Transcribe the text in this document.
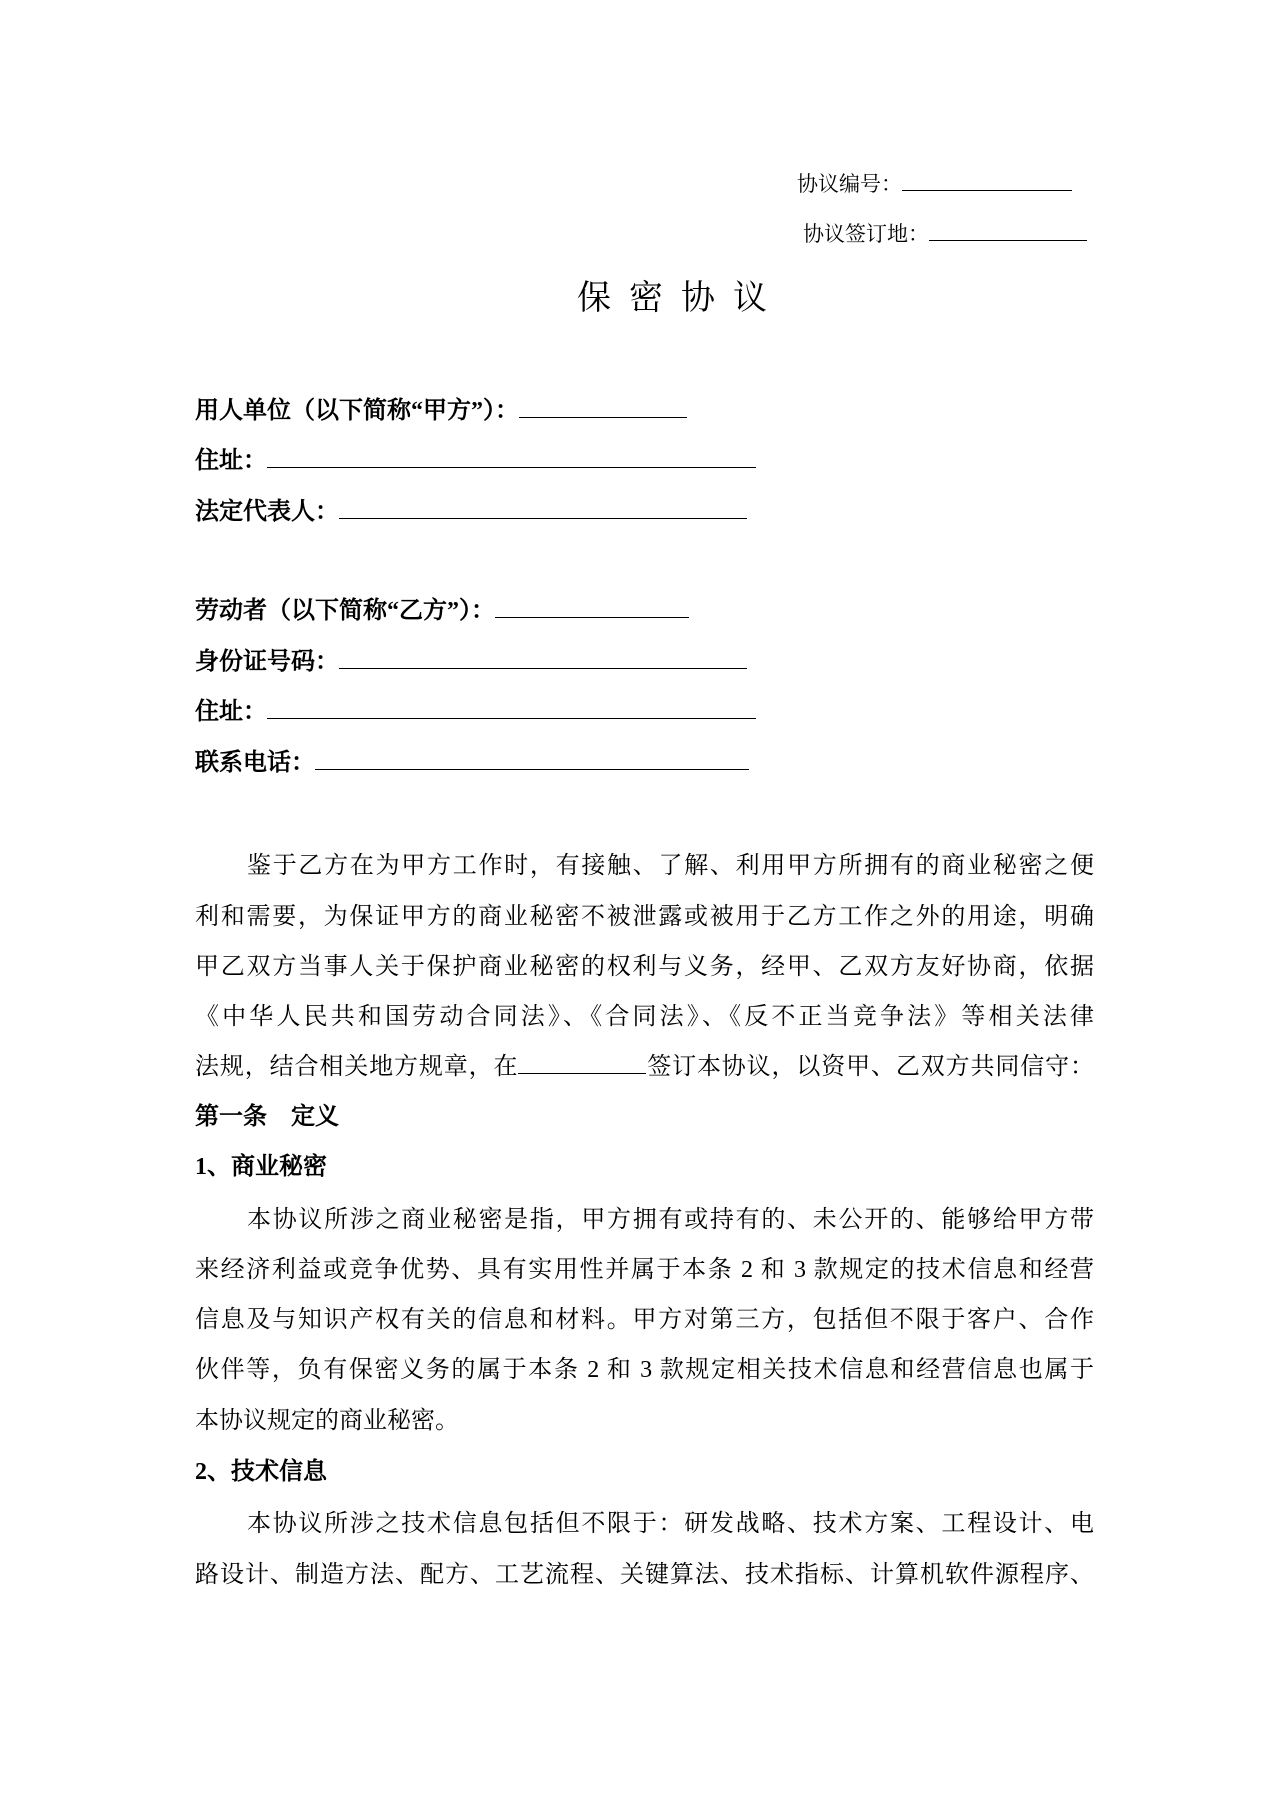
协议编号：
协议签订地：
保密协议
用人单位（以下简称“甲方”）：
住址：
法定代表人：
劳动者（以下简称“乙方”）：
身份证号码：
住址：
联系电话：
鉴于乙方在为甲方工作时，有接触、了解、利用甲方所拥有的商业秘密之便
利和需要，为保证甲方的商业秘密不被泄露或被用于乙方工作之外的用途，明确
甲乙双方当事人关于保护商业秘密的权利与义务，经甲、乙双方友好协商，依据
《中华人民共和国劳动合同法》、《合同法》、《反不正当竞争法》等相关法律
法规，结合相关地方规章，在	签订本协议，以资甲、乙双方共同信守：
第一条　定义
1、商业秘密
本协议所涉之商业秘密是指，甲方拥有或持有的、未公开的、能够给甲方带
来经济利益或竞争优势、具有实用性并属于本条 2 和 3 款规定的技术信息和经营
信息及与知识产权有关的信息和材料。甲方对第三方，包括但不限于客户、合作
伙伴等，负有保密义务的属于本条 2 和 3 款规定相关技术信息和经营信息也属于
本协议规定的商业秘密。
2、技术信息
本协议所涉之技术信息包括但不限于：研发战略、技术方案、工程设计、电
路设计、制造方法、配方、工艺流程、关键算法、技术指标、计算机软件源程序、
